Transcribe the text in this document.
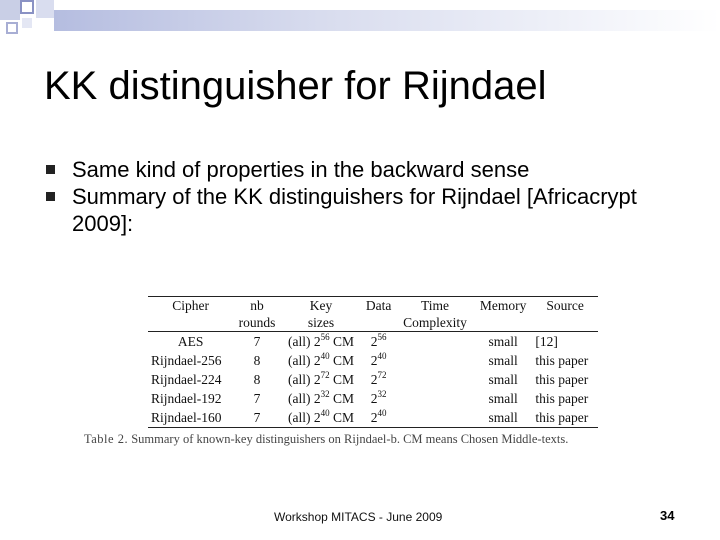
KK distinguisher for Rijndael
Same kind of properties in the backward sense
Summary of the KK distinguishers for Rijndael [Africacrypt 2009]:
Cipher	nb	Key	Data	Time	Memory	Source
	rounds	sizes		Complexity		
AES	7	(all) $2^{56}$ CM	$2^{56}$		small	[12]
Rijndael-256	8	(all) $2^{40}$ CM	$2^{40}$		small	this paper
Rijndael-224	8	(all) $2^{72}$ CM	$2^{72}$		small	this paper
Rijndael-192	7	(all) $2^{32}$ CM	$2^{32}$		small	this paper
Rijndael-160	7	(all) $2^{40}$ CM	$2^{40}$		small	this paper
Table 2. Summary of known-key distinguishers on Rijndael-b. CM means Chosen Middle-texts.
Workshop MITACS - June 2009	34
